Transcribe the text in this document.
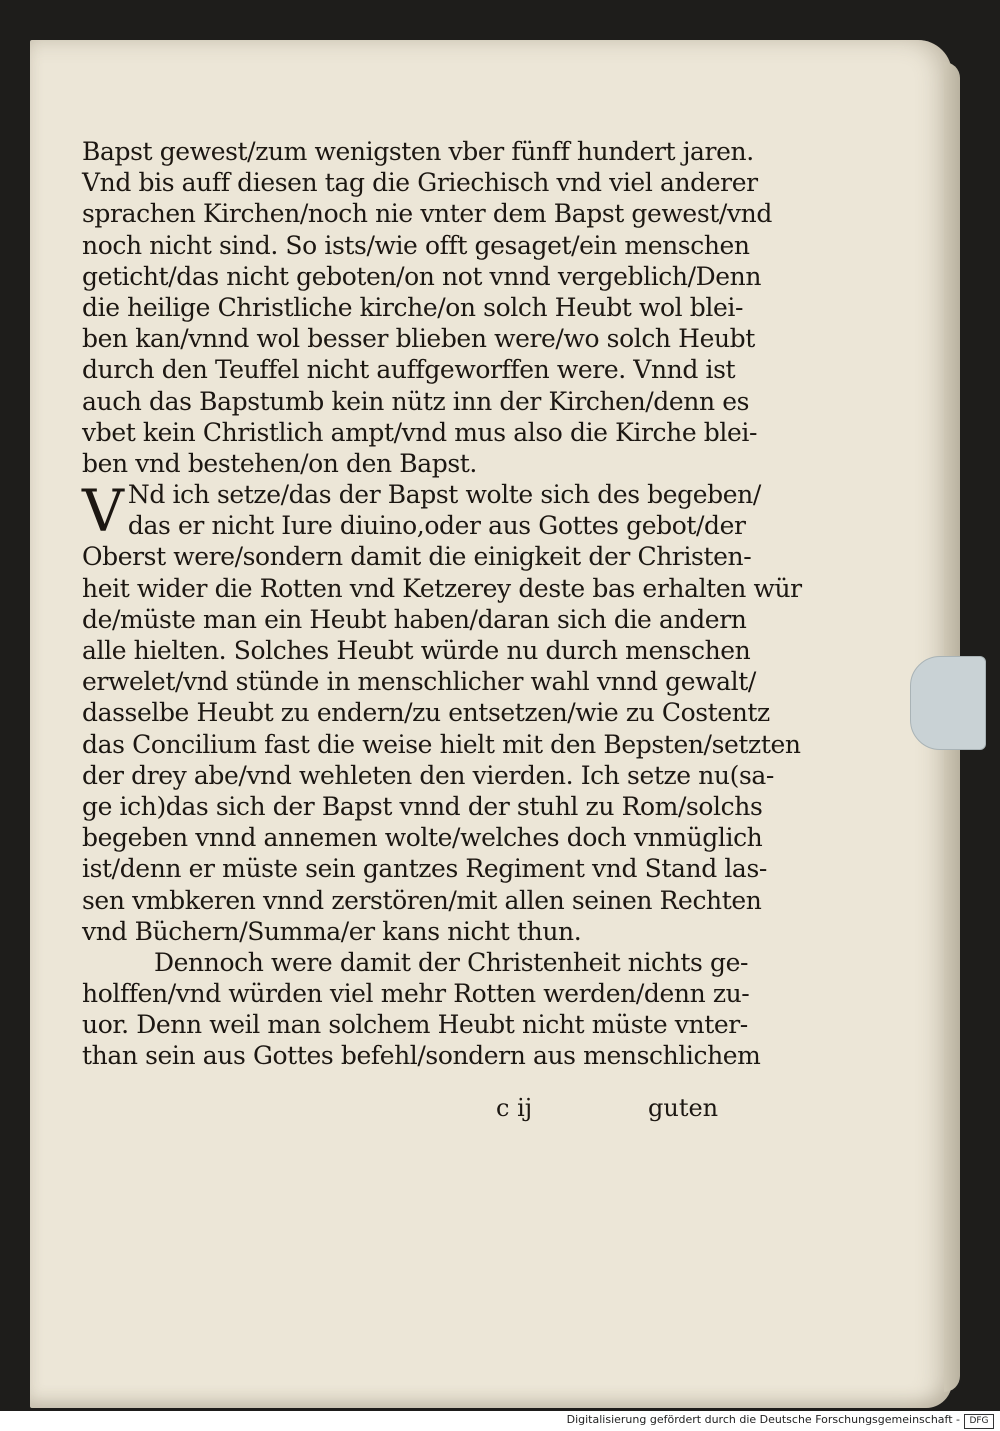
Bapst gewest/zum wenigsten vber fünff hundert jaren.
Vnd bis auff diesen tag die Griechisch vnd viel anderer
sprachen Kirchen/noch nie vnter dem Bapst gewest/vnd
noch nicht sind. So ists/wie offt gesaget/ein menschen
geticht/das nicht geboten/on not vnnd vergeblich/Denn
die heilige Christliche kirche/on solch Heubt wol blei-
ben kan/vnnd wol besser blieben were/wo solch Heubt
durch den Teuffel nicht auffgeworffen were. Vnnd ist
auch das Bapstumb kein nütz inn der Kirchen/denn es
vbet kein Christlich ampt/vnd mus also die Kirche blei-
ben vnd bestehen/on den Bapst.
V Nd ich setze/das der Bapst wolte sich des begeben/
das er nicht Iure diuino,oder aus Gottes gebot/der
Oberst were/sondern damit die einigkeit der Christen-
heit wider die Rotten vnd Ketzerey deste bas erhalten wür
de/müste man ein Heubt haben/daran sich die andern
alle hielten. Solches Heubt würde nu durch menschen
erwelet/vnd stünde in menschlicher wahl vnnd gewalt/
dasselbe Heubt zu endern/zu entsetzen/wie zu Costentz
das Concilium fast die weise hielt mit den Bepsten/setzten
der drey abe/vnd wehleten den vierden. Ich setze nu(sa-
ge ich)das sich der Bapst vnnd der stuhl zu Rom/solchs
begeben vnnd annemen wolte/welches doch vnmüglich
ist/denn er müste sein gantzes Regiment vnd Stand las-
sen vmbkeren vnnd zerstören/mit allen seinen Rechten
vnd Büchern/Summa/er kans nicht thun.
Dennoch were damit der Christenheit nichts ge-
holffen/vnd würden viel mehr Rotten werden/denn zu-
uor. Denn weil man solchem Heubt nicht müste vnter-
than sein aus Gottes befehl/sondern aus menschlichem
c ij	guten
Digitalisierung gefördert durch die Deutsche Forschungsgemeinschaft -	DFG
